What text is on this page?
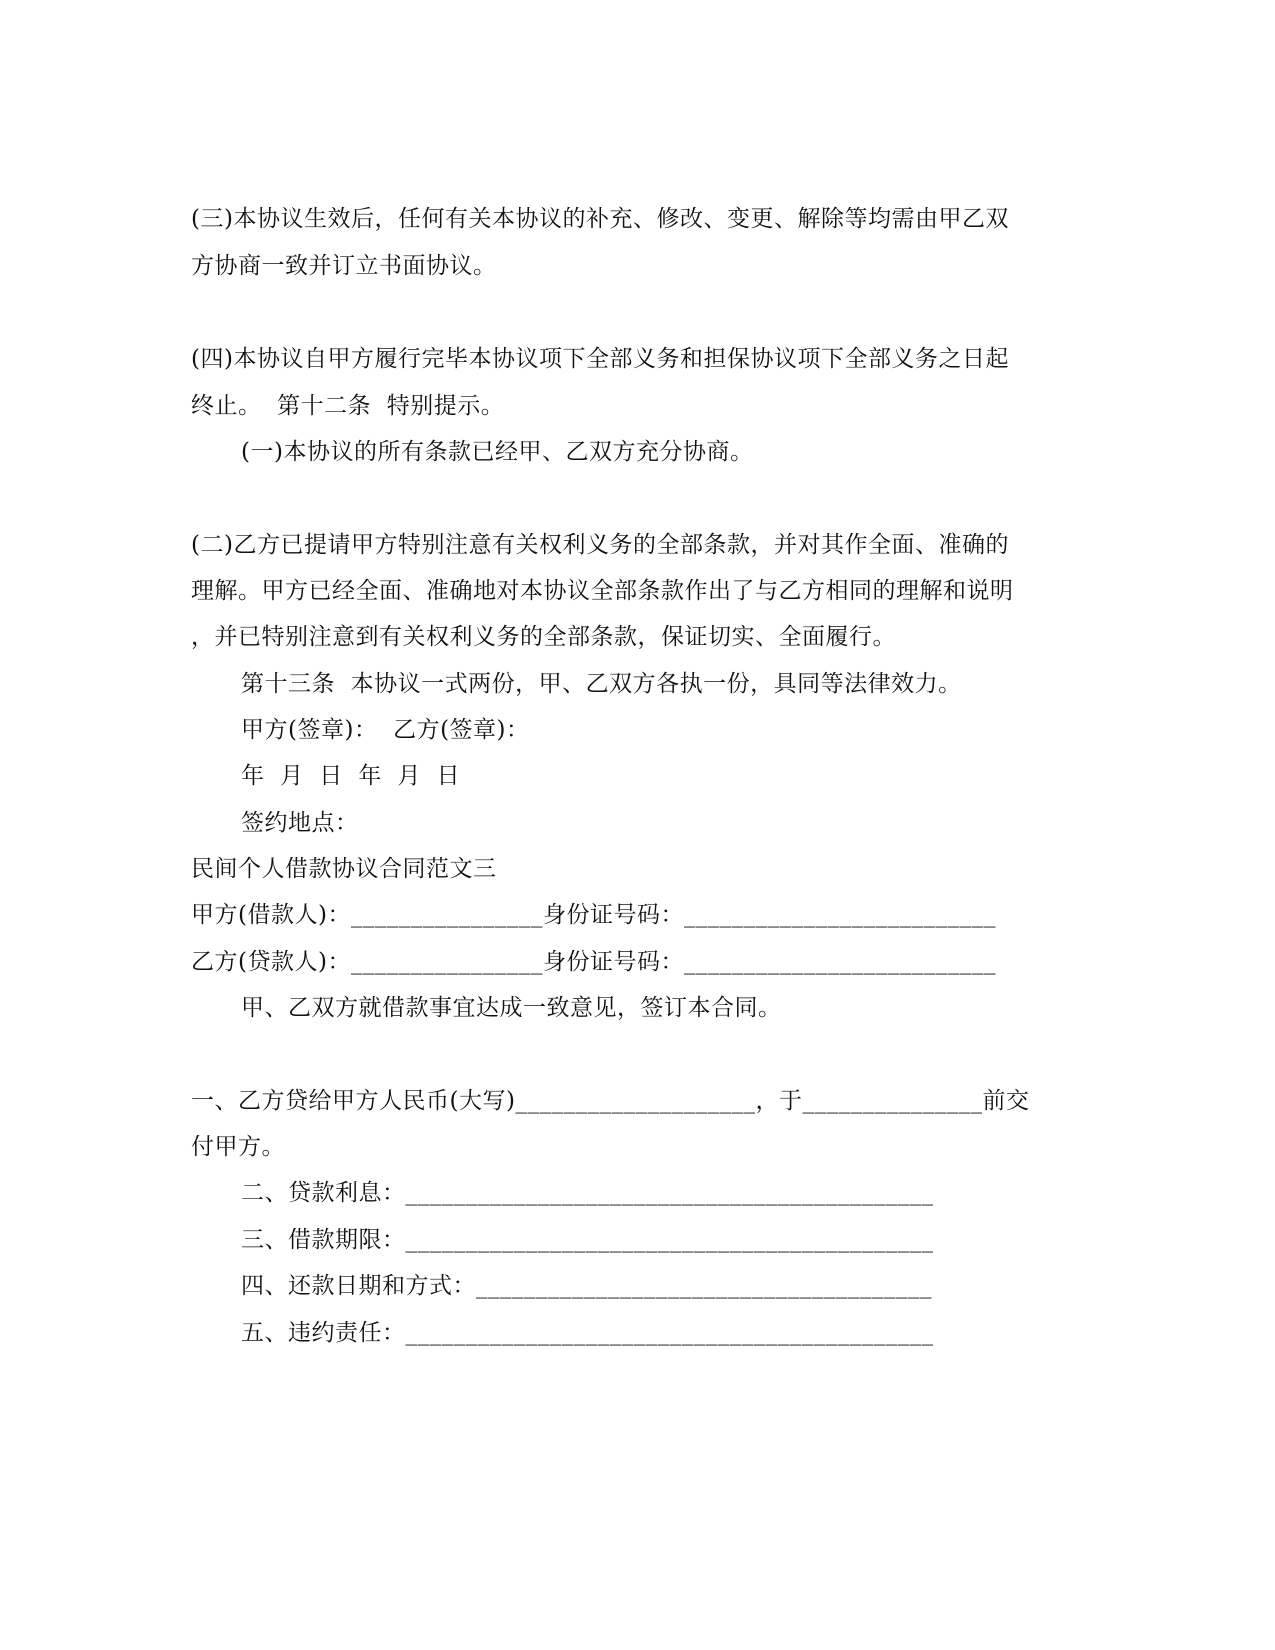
(三)本协议生效后，任何有关本协议的补充、修改、变更、解除等均需由甲乙双
方协商一致并订立书面协议。
(四)本协议自甲方履行完毕本协议项下全部义务和担保协议项下全部义务之日起
终止。  第十二条  特别提示。
(一)本协议的所有条款已经甲、乙双方充分协商。
(二)乙方已提请甲方特别注意有关权利义务的全部条款，并对其作全面、准确的
理解。甲方已经全面、准确地对本协议全部条款作出了与乙方相同的理解和说明
，并已特别注意到有关权利义务的全部条款，保证切实、全面履行。
第十三条  本协议一式两份，甲、乙双方各执一份，具同等法律效力。
甲方(签章)：  乙方(签章)：
年  月  日  年  月  日
签约地点：
民间个人借款协议合同范文三
甲方(借款人)：________________身份证号码：__________________________
乙方(贷款人)：________________身份证号码：__________________________
甲、乙双方就借款事宜达成一致意见，签订本合同。
一、乙方贷给甲方人民币(大写)____________________，于_______________前交
付甲方。
二、贷款利息：____________________________________________
三、借款期限：____________________________________________
四、还款日期和方式：______________________________________
五、违约责任：____________________________________________
